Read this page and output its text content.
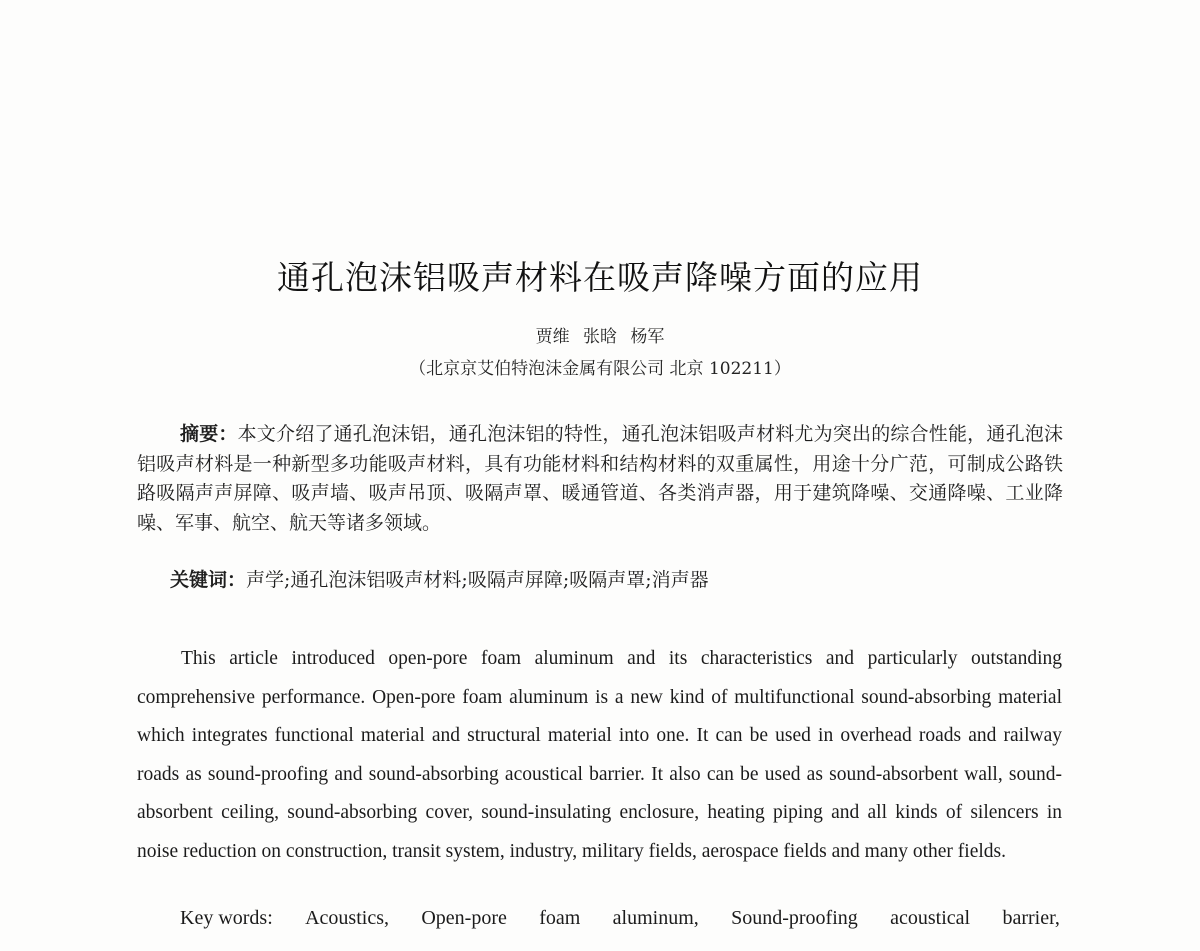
通孔泡沫铝吸声材料在吸声降噪方面的应用
贾维 张晗 杨军
（北京京艾伯特泡沫金属有限公司 北京 102211）

摘要：本文介绍了通孔泡沫铝，通孔泡沫铝的特性，通孔泡沫铝吸声材料尤为突出的综合性能，通孔泡沫铝吸声材料是一种新型多功能吸声材料，具有功能材料和结构材料的双重属性，用途十分广范，可制成公路铁路吸隔声声屏障、吸声墙、吸声吊顶、吸隔声罩、暖通管道、各类消声器，用于建筑降噪、交通降噪、工业降噪、军事、航空、航天等诸多领域。

关键词：声学;通孔泡沫铝吸声材料;吸隔声屏障;吸隔声罩;消声器

This article introduced open-pore foam aluminum and its characteristics and particularly outstanding comprehensive performance. Open-pore foam aluminum is a new kind of multifunctional sound-absorbing material which integrates functional material and structural material into one. It can be used in overhead roads and railway roads as sound-proofing and sound-absorbing acoustical barrier. It also can be used as sound-absorbent wall, sound-absorbent ceiling, sound-absorbing cover, sound-insulating enclosure, heating piping and all kinds of silencers in noise reduction on construction, transit system, industry, military fields, aerospace fields and many other fields.

Key words: Acoustics, Open-pore foam aluminum, Sound-proofing acoustical barrier,
